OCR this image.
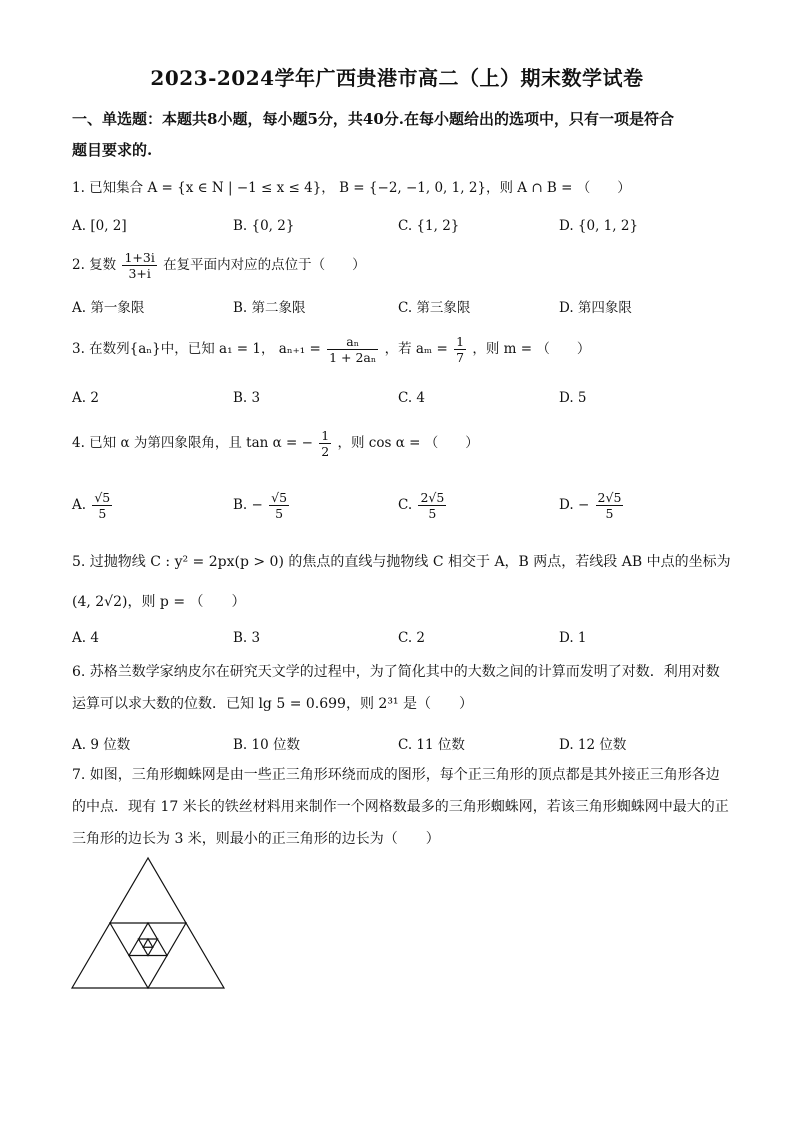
2023-2024学年广西贵港市高二（上）期末数学试卷
一、单选题：本题共8小题，每小题5分，共40分.在每小题给出的选项中，只有一项是符合
题目要求的.
1. 已知集合 A = {x ∈ N | −1 ≤ x ≤ 4}， B = {−2, −1, 0, 1, 2}，则 A ∩ B = （　　）
A. [0, 2]	B. {0, 2}	C. {1, 2}	D. {0, 1, 2}
2. 复数 $\frac{1+3i}{3+i}$ 在复平面内对应的点位于（　　）
A. 第一象限	B. 第二象限	C. 第三象限	D. 第四象限
3. 在数列{aₙ}中，已知 a₁ = 1， $a_{n+1} = \frac{\text{aₙ}}{\text{1 + 2aₙ}}$ ，若 $a_m = \frac{1}{7}$ ，则 m = （　　）
A. 2	B. 3	C. 4	D. 5
4. 已知 α 为第四象限角，且 tan α = − $\frac{1}{2}$ ，则 cos α = （　　）
A. $\frac{√5}{5}$	B. − $\frac{√5}{5}$	C. $\frac{2√5}{5}$	D. − $\frac{2√5}{5}$
5. 过抛物线 C : y² = 2px(p > 0) 的焦点的直线与抛物线 C 相交于 A，B 两点，若线段 AB 中点的坐标为
(4, 2√2)，则 p = （　　）
A. 4	B. 3	C. 2	D. 1
6. 苏格兰数学家纳皮尔在研究天文学的过程中，为了简化其中的大数之间的计算而发明了对数．利用对数
运算可以求大数的位数．已知 lg 5 = 0.699，则 2³¹ 是（　　）
A. 9 位数	B. 10 位数	C. 11 位数	D. 12 位数
7. 如图，三角形蜘蛛网是由一些正三角形环绕而成的图形，每个正三角形的顶点都是其外接正三角形各边
的中点．现有 17 米长的铁丝材料用来制作一个网格数最多的三角形蜘蛛网，若该三角形蜘蛛网中最大的正
三角形的边长为 3 米，则最小的正三角形的边长为（　　）
